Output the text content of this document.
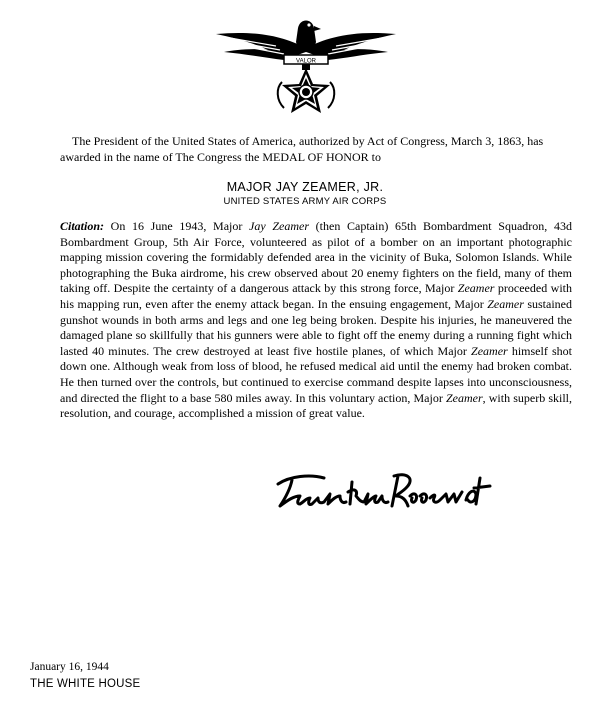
VALOR
The President of the United States of America, authorized by Act of Congress, March 3, 1863, has awarded in the name of The Congress the MEDAL OF HONOR to
MAJOR JAY ZEAMER, JR.
UNITED STATES ARMY AIR CORPS
Citation: On 16 June 1943, Major Jay Zeamer (then Captain) 65th Bombardment Squadron, 43d Bombardment Group, 5th Air Force, volunteered as pilot of a bomber on an important photographic mapping mission covering the formidably defended area in the vicinity of Buka, Solomon Islands. While photographing the Buka airdrome, his crew observed about 20 enemy fighters on the field, many of them taking off. Despite the certainty of a dangerous attack by this strong force, Major Zeamer proceeded with his mapping run, even after the enemy attack began. In the ensuing engagement, Major Zeamer sustained gunshot wounds in both arms and legs and one leg being broken. Despite his injuries, he maneuvered the damaged plane so skillfully that his gunners were able to fight off the enemy during a running fight which lasted 40 minutes. The crew destroyed at least five hostile planes, of which Major Zeamer himself shot down one. Although weak from loss of blood, he refused medical aid until the enemy had broken combat. He then turned over the controls, but continued to exercise command despite lapses into unconsciousness, and directed the flight to a base 580 miles away. In this voluntary action, Major Zeamer, with superb skill, resolution, and courage, accomplished a mission of great value.
January 16, 1944
THE WHITE HOUSE
